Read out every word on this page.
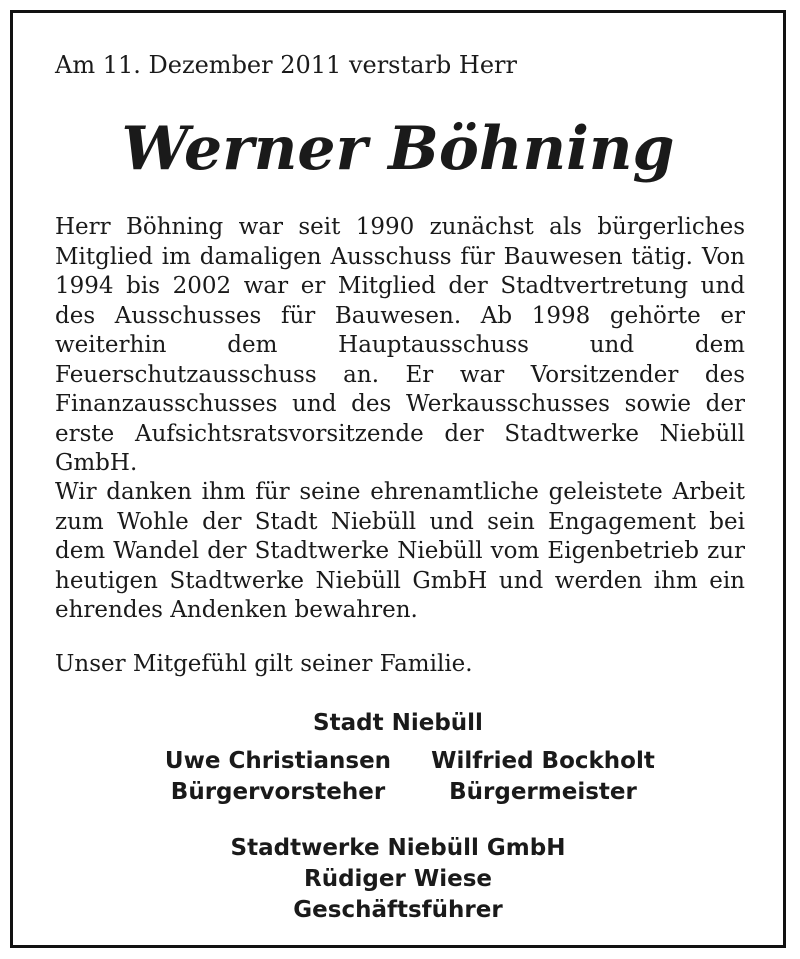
Am 11. Dezember 2011 verstarb Herr
Werner Böhning
Herr Böhning war seit 1990 zunächst als bürgerliches Mitglied im damaligen Ausschuss für Bauwesen tätig. Von 1994 bis 2002 war er Mitglied der Stadtvertretung und des Ausschusses für Bauwesen. Ab 1998 gehörte er weiterhin dem Hauptausschuss und dem Feuerschutzausschuss an. Er war Vorsitzender des Finanzausschusses und des Werkausschusses sowie der erste Aufsichtsratsvorsitzende der Stadtwerke Niebüll GmbH.
Wir danken ihm für seine ehrenamtliche geleistete Arbeit zum Wohle der Stadt Niebüll und sein Engagement bei dem Wandel der Stadtwerke Niebüll vom Eigenbetrieb zur heutigen Stadtwerke Niebüll GmbH und werden ihm ein ehrendes Andenken bewahren.
Unser Mitgefühl gilt seiner Familie.
Stadt Niebüll
Uwe Christiansen
Bürgervorsteher
Wilfried Bockholt
Bürgermeister
Stadtwerke Niebüll GmbH
Rüdiger Wiese
Geschäftsführer
